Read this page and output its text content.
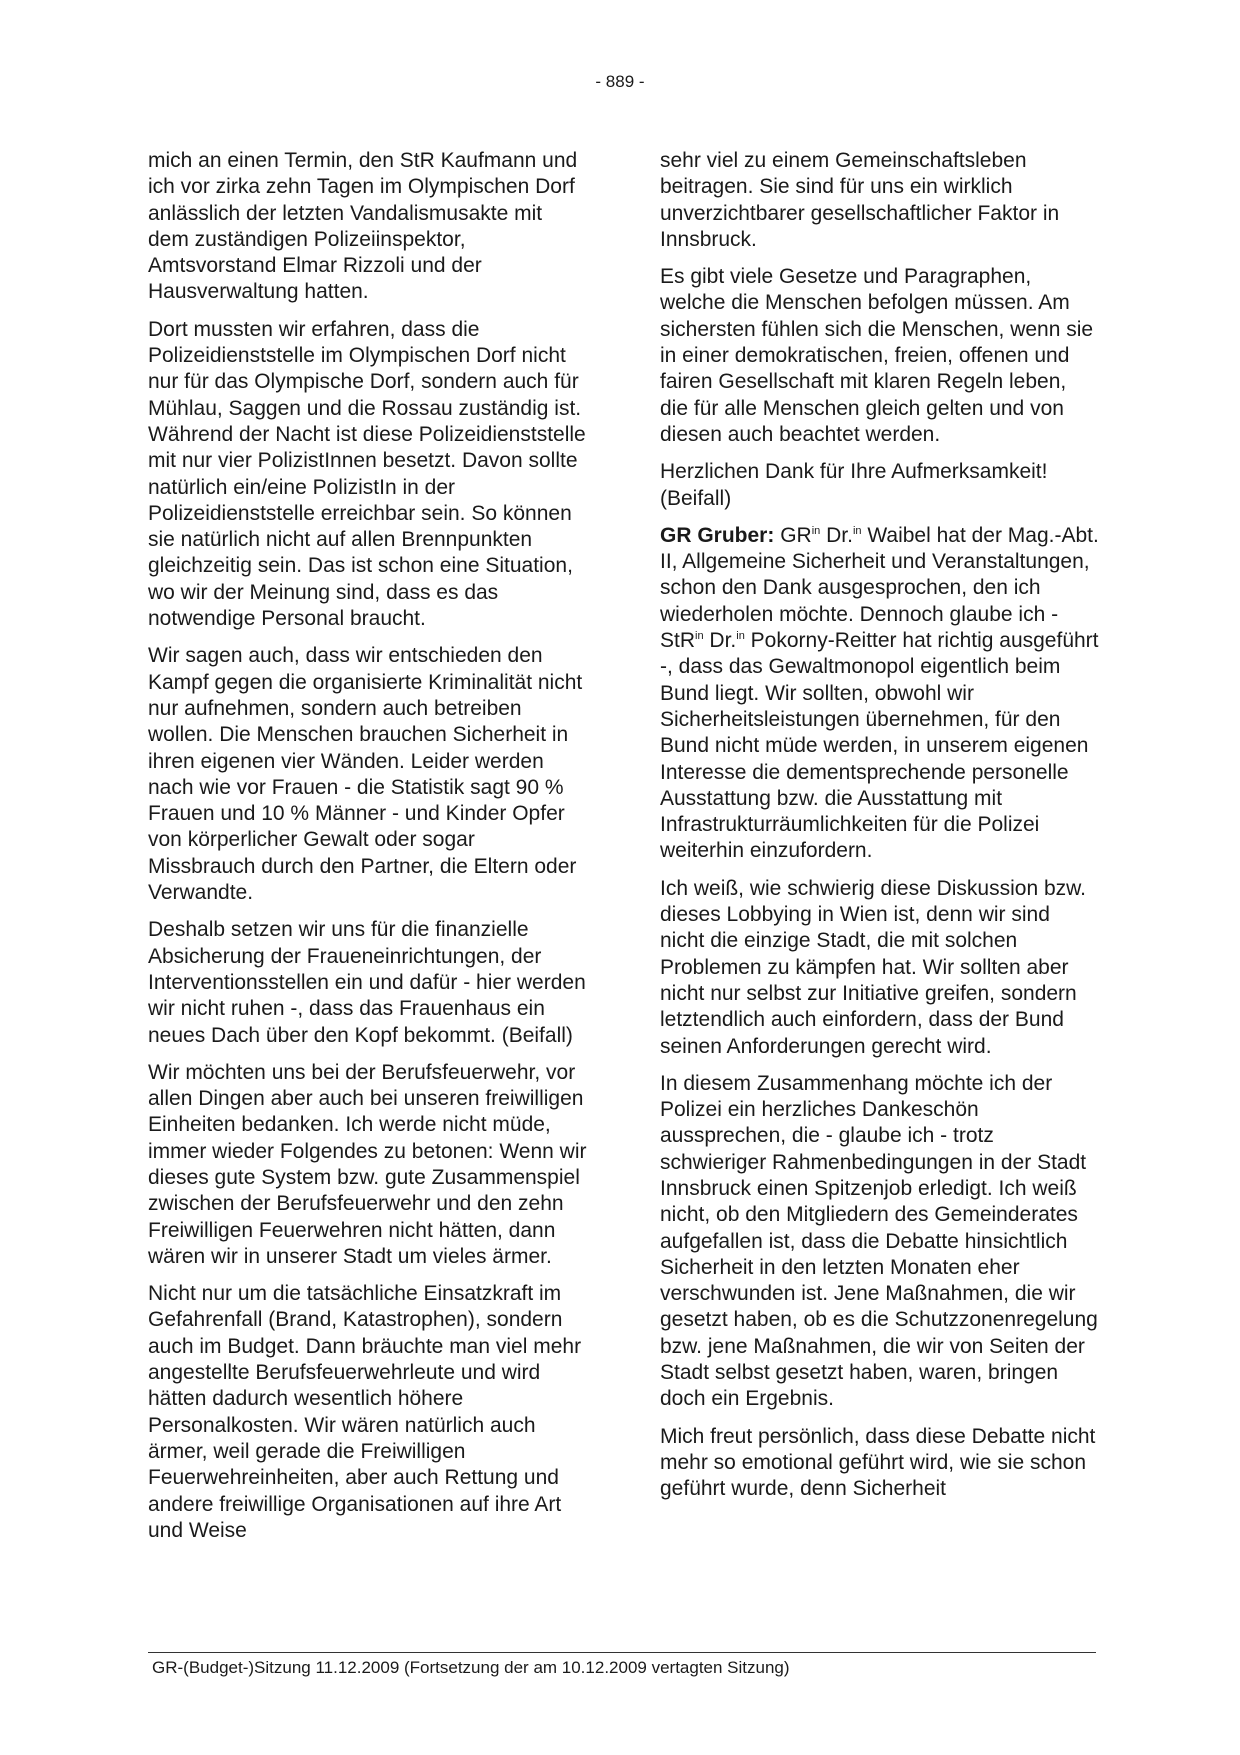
- 889 -

mich an einen Termin, den StR Kaufmann und ich vor zirka zehn Tagen im Olympischen Dorf anlässlich der letzten Vandalismusakte mit dem zuständigen Polizeiinspektor, Amtsvorstand Elmar Rizzoli und der Hausverwaltung hatten.

Dort mussten wir erfahren, dass die Polizeidienststelle im Olympischen Dorf nicht nur für das Olympische Dorf, sondern auch für Mühlau, Saggen und die Rossau zuständig ist. Während der Nacht ist diese Polizeidienststelle mit nur vier PolizistInnen besetzt. Davon sollte natürlich ein/eine PolizistIn in der Polizeidienststelle erreichbar sein. So können sie natürlich nicht auf allen Brennpunkten gleichzeitig sein. Das ist schon eine Situation, wo wir der Meinung sind, dass es das notwendige Personal braucht.

Wir sagen auch, dass wir entschieden den Kampf gegen die organisierte Kriminalität nicht nur aufnehmen, sondern auch betreiben wollen. Die Menschen brauchen Sicherheit in ihren eigenen vier Wänden. Leider werden nach wie vor Frauen - die Statistik sagt 90 % Frauen und 10 % Männer - und Kinder Opfer von körperlicher Gewalt oder sogar Missbrauch durch den Partner, die Eltern oder Verwandte.

Deshalb setzen wir uns für die finanzielle Absicherung der Fraueneinrichtungen, der Interventionsstellen ein und dafür - hier werden wir nicht ruhen -, dass das Frauenhaus ein neues Dach über den Kopf bekommt. (Beifall)

Wir möchten uns bei der Berufsfeuerwehr, vor allen Dingen aber auch bei unseren freiwilligen Einheiten bedanken. Ich werde nicht müde, immer wieder Folgendes zu betonen: Wenn wir dieses gute System bzw. gute Zusammenspiel zwischen der Berufsfeuerwehr und den zehn Freiwilligen Feuerwehren nicht hätten, dann wären wir in unserer Stadt um vieles ärmer.

Nicht nur um die tatsächliche Einsatzkraft im Gefahrenfall (Brand, Katastrophen), sondern auch im Budget. Dann bräuchte man viel mehr angestellte Berufsfeuerwehrleute und wird hätten dadurch wesentlich höhere Personalkosten. Wir wären natürlich auch ärmer, weil gerade die Freiwilligen Feuerwehreinheiten, aber auch Rettung und andere freiwillige Organisationen auf ihre Art und Weise

sehr viel zu einem Gemeinschaftsleben beitragen. Sie sind für uns ein wirklich unverzichtbarer gesellschaftlicher Faktor in Innsbruck.

Es gibt viele Gesetze und Paragraphen, welche die Menschen befolgen müssen. Am sichersten fühlen sich die Menschen, wenn sie in einer demokratischen, freien, offenen und fairen Gesellschaft mit klaren Regeln leben, die für alle Menschen gleich gelten und von diesen auch beachtet werden.

Herzlichen Dank für Ihre Aufmerksamkeit! (Beifall)

GR Gruber: $GR^{in}$ Dr.$^{in}$ Waibel hat der Mag.-Abt. II, Allgemeine Sicherheit und Veranstaltungen, schon den Dank ausgesprochen, den ich wiederholen möchte. Dennoch glaube ich - StR$^{in}$ Dr.$^{in}$ Pokorny-Reitter hat richtig ausgeführt -, dass das Gewaltmonopol eigentlich beim Bund liegt. Wir sollten, obwohl wir Sicherheitsleistungen übernehmen, für den Bund nicht müde werden, in unserem eigenen Interesse die dementsprechende personelle Ausstattung bzw. die Ausstattung mit Infrastrukturräumlichkeiten für die Polizei weiterhin einzufordern.

Ich weiß, wie schwierig diese Diskussion bzw. dieses Lobbying in Wien ist, denn wir sind nicht die einzige Stadt, die mit solchen Problemen zu kämpfen hat. Wir sollten aber nicht nur selbst zur Initiative greifen, sondern letztendlich auch einfordern, dass der Bund seinen Anforderungen gerecht wird.

In diesem Zusammenhang möchte ich der Polizei ein herzliches Dankeschön aussprechen, die - glaube ich - trotz schwieriger Rahmenbedingungen in der Stadt Innsbruck einen Spitzenjob erledigt. Ich weiß nicht, ob den Mitgliedern des Gemeinderates aufgefallen ist, dass die Debatte hinsichtlich Sicherheit in den letzten Monaten eher verschwunden ist. Jene Maßnahmen, die wir gesetzt haben, ob es die Schutzzonenregelung bzw. jene Maßnahmen, die wir von Seiten der Stadt selbst gesetzt haben, waren, bringen doch ein Ergebnis.

Mich freut persönlich, dass diese Debatte nicht mehr so emotional geführt wird, wie sie schon geführt wurde, denn Sicherheit

GR-(Budget-)Sitzung 11.12.2009 (Fortsetzung der am 10.12.2009 vertagten Sitzung)
